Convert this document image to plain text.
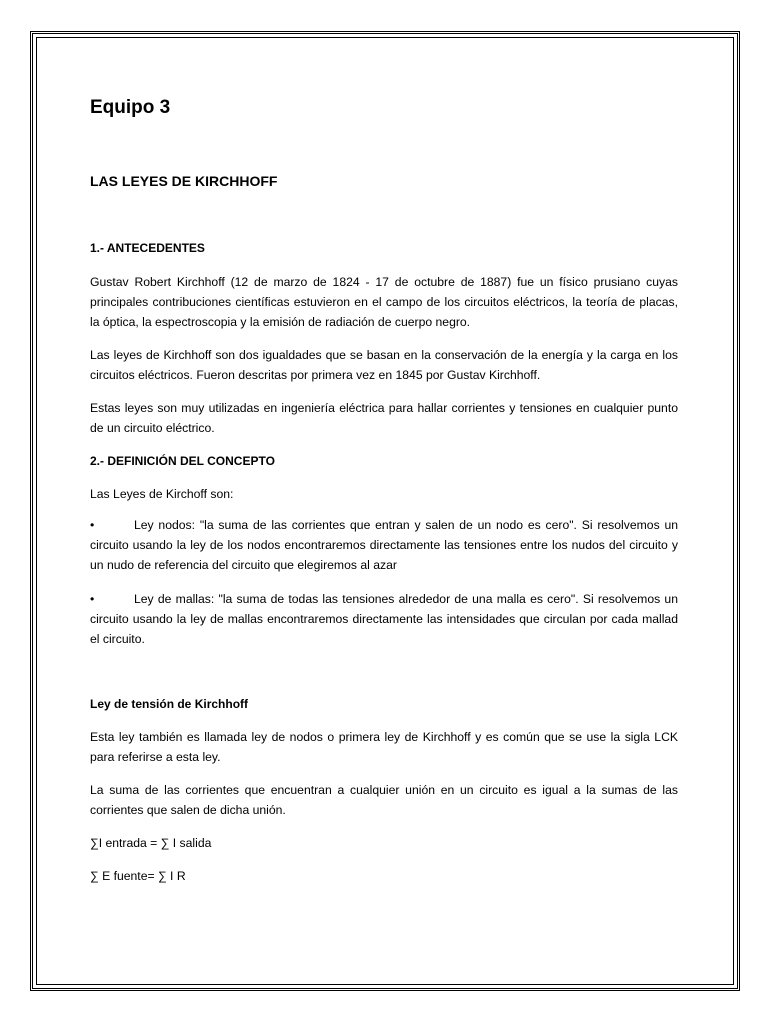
Equipo 3
LAS LEYES DE KIRCHHOFF
1.- ANTECEDENTES

Gustav Robert Kirchhoff (12 de marzo de 1824 - 17 de octubre de 1887) fue un físico prusiano cuyas principales contribuciones científicas estuvieron en el campo de los circuitos eléctricos, la teoría de placas, la óptica, la espectroscopia y la emisión de radiación de cuerpo negro.

Las leyes de Kirchhoff son dos igualdades que se basan en la conservación de la energía y la carga en los circuitos eléctricos. Fueron descritas por primera vez en 1845 por Gustav Kirchhoff.

Estas leyes son muy utilizadas en ingeniería eléctrica para hallar corrientes y tensiones en cualquier punto de un circuito eléctrico.

2.- DEFINICIÓN DEL CONCEPTO

Las Leyes de Kirchoff son:

•	Ley nodos: "la suma de las corrientes que entran y salen de un nodo es cero". Si resolvemos un circuito usando la ley de los nodos encontraremos directamente las tensiones entre los nudos del circuito y un nudo de referencia del circuito que elegiremos al azar
•	Ley de mallas: "la suma de todas las tensiones alrededor de una malla es cero". Si resolvemos un circuito usando la ley de mallas encontraremos directamente las intensidades que circulan por cada mallad el circuito.
Ley de tensión de Kirchhoff

Esta ley también es llamada ley de nodos o primera ley de Kirchhoff y es común que se use la sigla LCK para referirse a esta ley.

La suma de las corrientes que encuentran a cualquier unión en un circuito es igual a la sumas de las corrientes que salen de dicha unión.

∑I entrada = ∑ I salida
∑ E fuente= ∑ I R
